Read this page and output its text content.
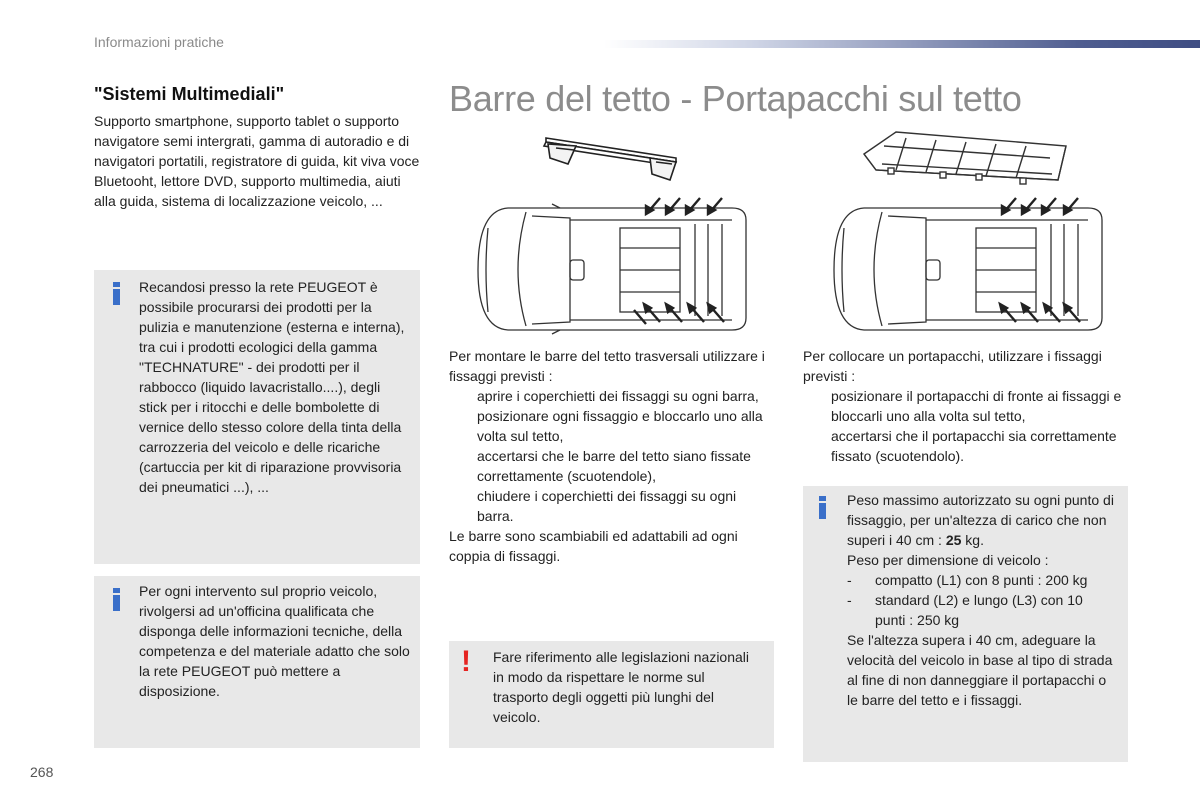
Informazioni pratiche
"Sistemi Multimediali"
Supporto smartphone, supporto tablet o supporto navigatore semi intergrati, gamma di autoradio e di navigatori portatili, registratore di guida, kit viva voce Bluetooht, lettore DVD, supporto multimedia, aiuti alla guida, sistema di localizzazione veicolo, ...
Recandosi presso la rete PEUGEOT è possibile procurarsi dei prodotti per la pulizia e manutenzione (esterna e interna), tra cui i prodotti ecologici della gamma "TECHNATURE" - dei prodotti per il rabbocco (liquido lavacristallo....), degli stick per i ritocchi e delle bombolette di vernice dello stesso colore della tinta della carrozzeria del veicolo e delle ricariche (cartuccia per kit di riparazione provvisoria dei pneumatici ...), ...
Per ogni intervento sul proprio veicolo, rivolgersi ad un'officina qualificata che disponga delle informazioni tecniche, della competenza e del materiale adatto che solo la rete PEUGEOT può mettere a disposizione.
Barre del tetto - Portapacchi sul tetto
Per montare le barre del tetto trasversali utilizzare i fissaggi previsti :
aprire i coperchietti dei fissaggi su ogni barra,
posizionare ogni fissaggio e bloccarlo uno alla volta sul tetto,
accertarsi che le barre del tetto siano fissate correttamente (scuotendole),
chiudere i coperchietti dei fissaggi su ogni barra.
Le barre sono scambiabili ed adattabili ad ogni coppia di fissaggi.
! Fare riferimento alle legislazioni nazionali in modo da rispettare le norme sul trasporto degli oggetti più lunghi del veicolo.
Per collocare un portapacchi, utilizzare i fissaggi previsti :
posizionare il portapacchi di fronte ai fissaggi e bloccarli uno alla volta sul tetto,
accertarsi che il portapacchi sia correttamente fissato (scuotendolo).
Peso massimo autorizzato su ogni punto di fissaggio, per un'altezza di carico che non superi i 40 cm : 25 kg.
Peso per dimensione di veicolo :
- compatto (L1) con 8 punti : 200 kg
- standard (L2) e lungo (L3) con 10 punti : 250 kg
Se l'altezza supera i 40 cm, adeguare la velocità del veicolo in base al tipo di strada al fine di non danneggiare il portapacchi o le barre del tetto e i fissaggi.
268
